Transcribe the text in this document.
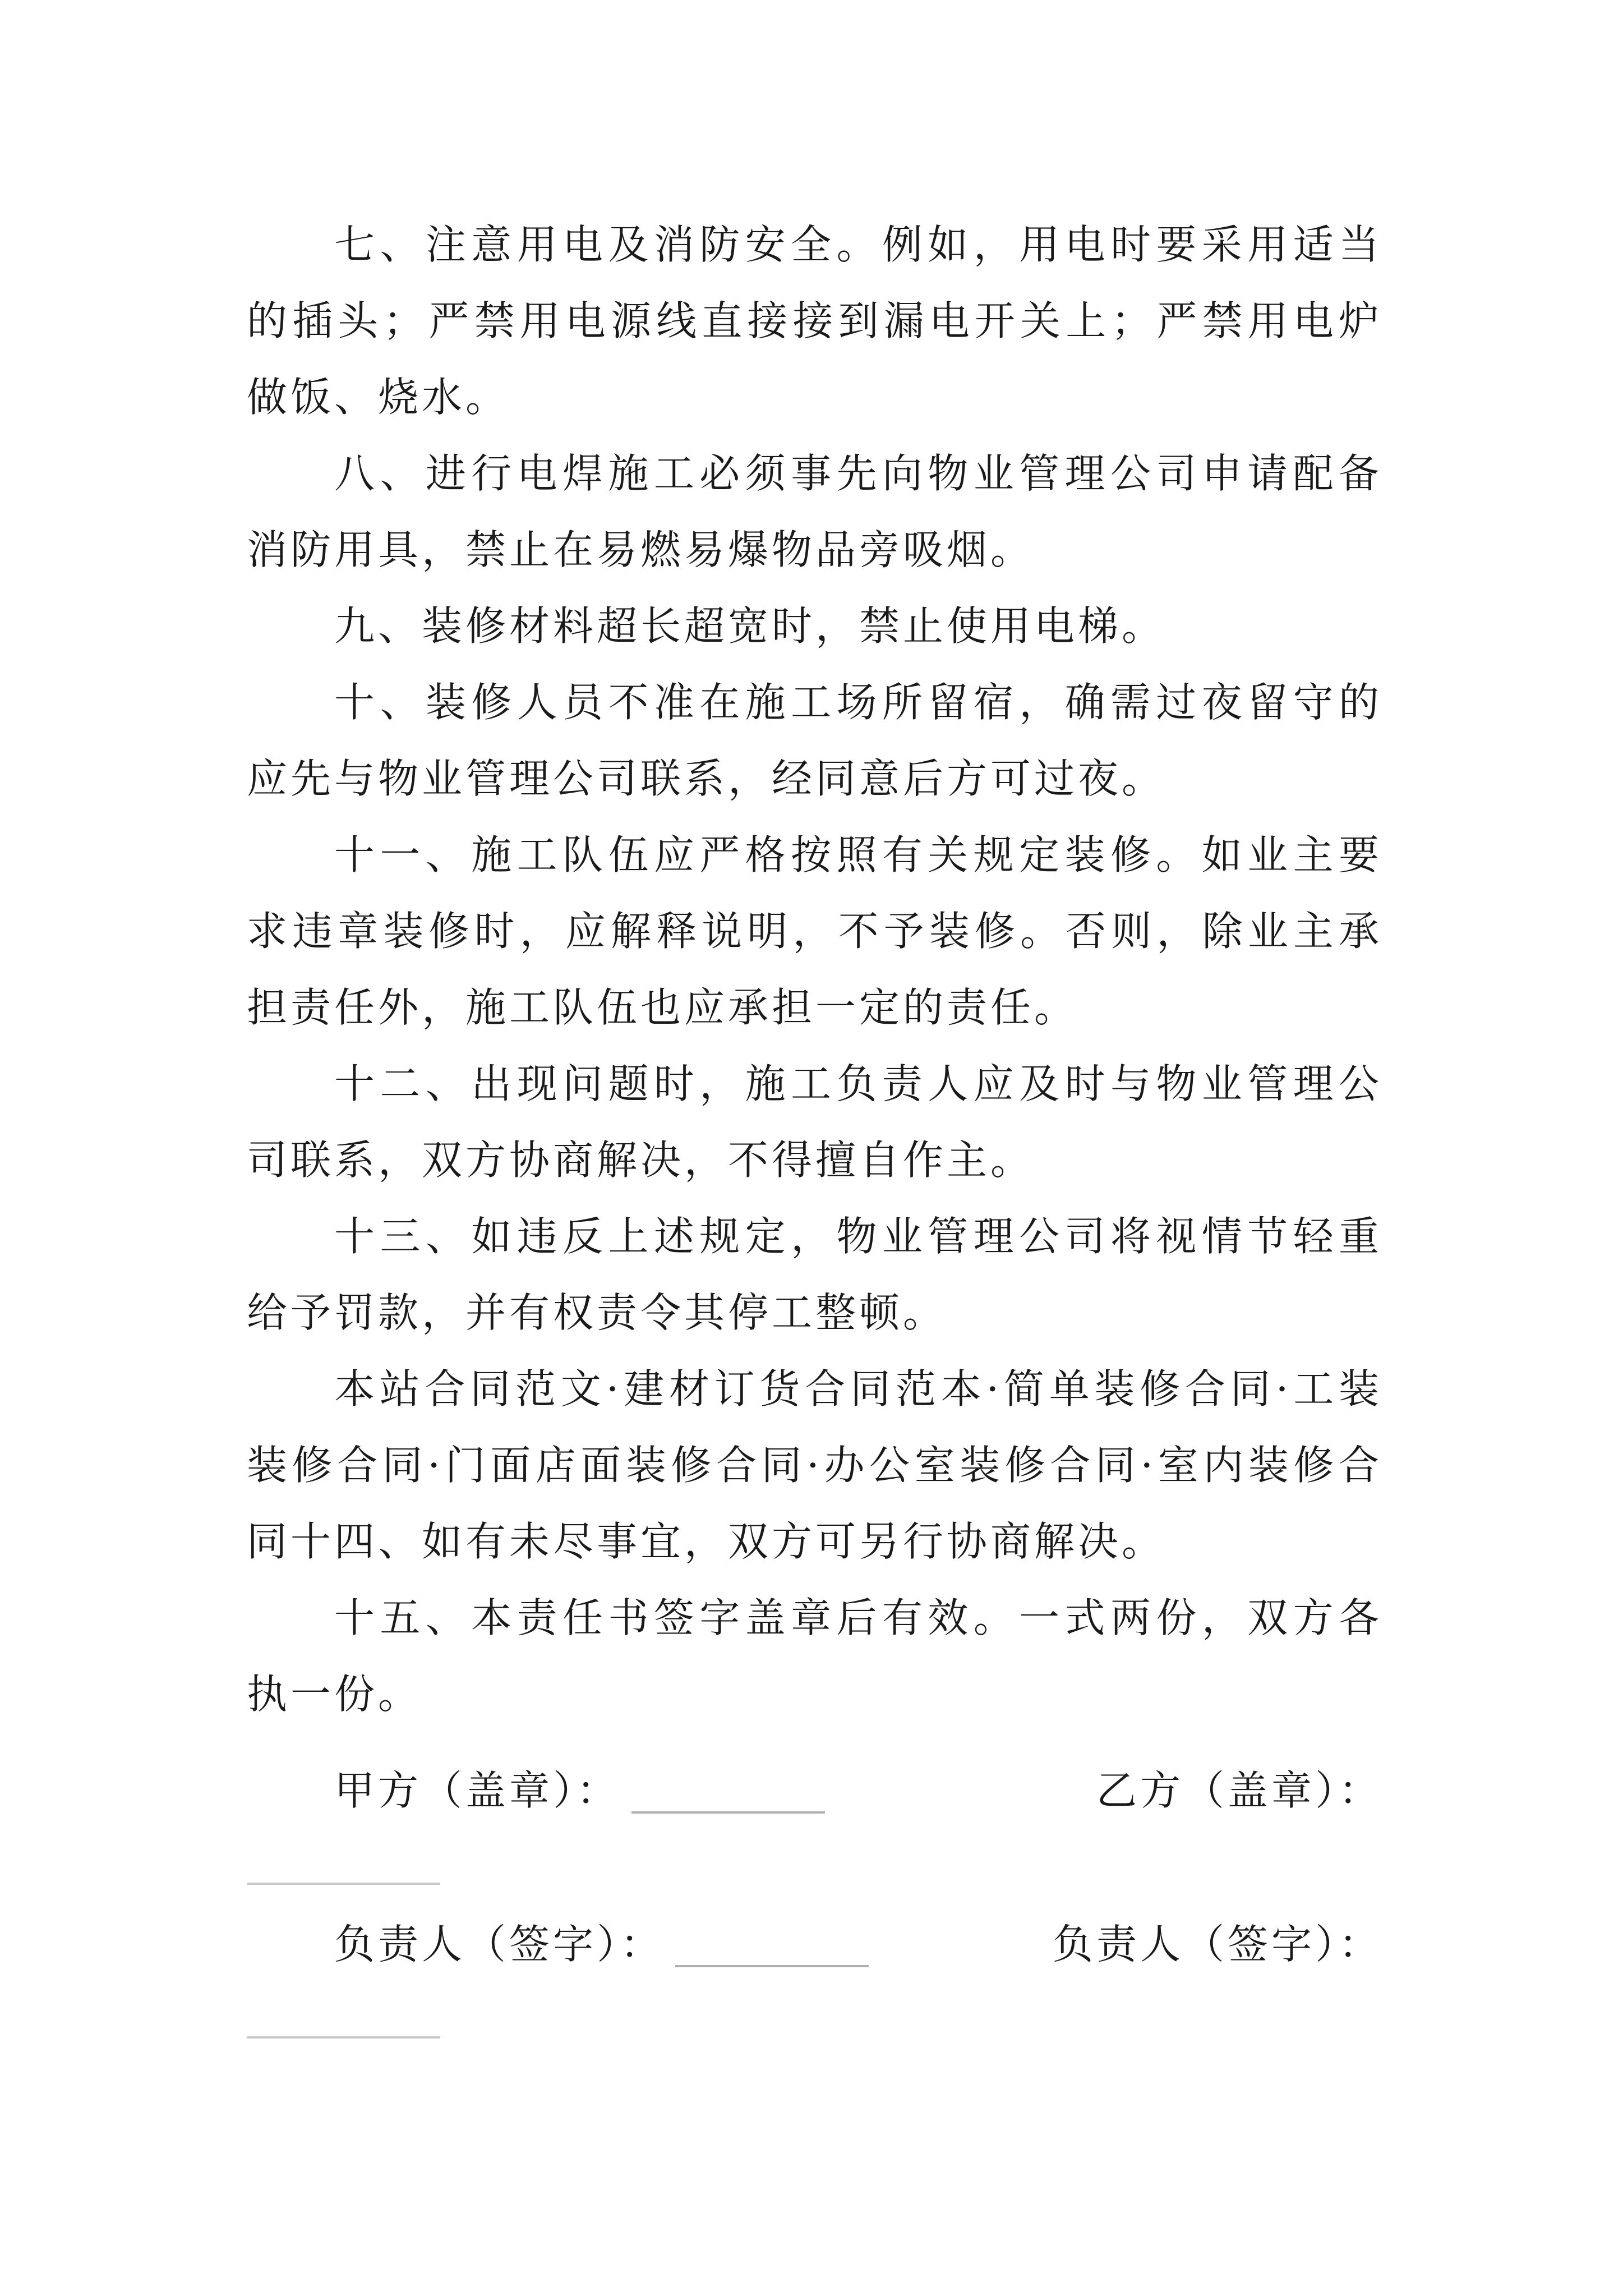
七、注意用电及消防安全。例如，用电时要采用适当的插头；严禁用电源线直接接到漏电开关上；严禁用电炉做饭、烧水。

八、进行电焊施工必须事先向物业管理公司申请配备消防用具，禁止在易燃易爆物品旁吸烟。

九、装修材料超长超宽时，禁止使用电梯。

十、装修人员不准在施工场所留宿，确需过夜留守的应先与物业管理公司联系，经同意后方可过夜。

十一、施工队伍应严格按照有关规定装修。如业主要求违章装修时，应解释说明，不予装修。否则，除业主承担责任外，施工队伍也应承担一定的责任。

十二、出现问题时，施工负责人应及时与物业管理公司联系，双方协商解决，不得擅自作主。

十三、如违反上述规定，物业管理公司将视情节轻重给予罚款，并有权责令其停工整顿。

本站合同范文·建材订货合同范本·简单装修合同·工装装修合同·门面店面装修合同·办公室装修合同·室内装修合同十四、如有未尽事宜，双方可另行协商解决。

十五、本责任书签字盖章后有效。一式两份，双方各执一份。

甲方（盖章）：	乙方（盖章）：
负责人（签字）：	负责人（签字）：
